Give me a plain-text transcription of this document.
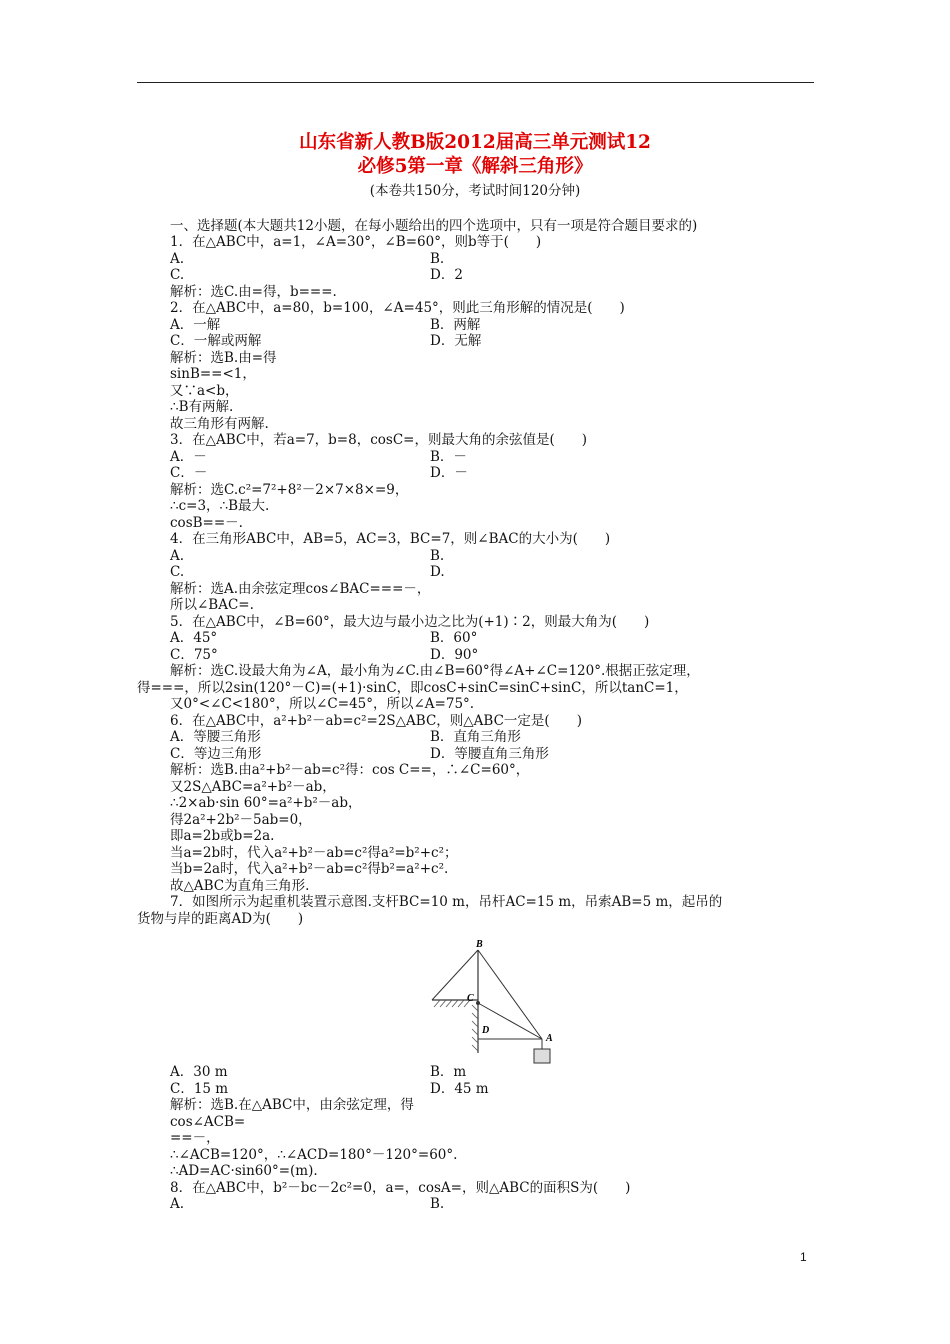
山东省新人教B版2012届高三单元测试12
必修5第一章《解斜三角形》
(本卷共150分，考试时间120分钟)
一、选择题(本大题共12小题，在每小题给出的四个选项中，只有一项是符合题目要求的)
1．在△ABC中，a=1，∠A=30°，∠B=60°，则b等于(　　)
A.
C.
解析：选C.由=得，b===.
2．在△ABC中，a=80，b=100，∠A=45°，则此三角形解的情况是(　　)
A．一解
C．一解或两解
解析：选B.由=得
sinB==<1，
又∵a<b，
∴B有两解.
故三角形有两解.
3．在△ABC中，若a=7，b=8，cosC=，则最大角的余弦值是(　　)
A．－
C．－
解析：选C.c²=7²+8²－2×7×8×=9，
∴c=3，∴B最大.
cosB==－.
4．在三角形ABC中，AB=5，AC=3，BC=7，则∠BAC的大小为(　　)
A.
C.
解析：选A.由余弦定理cos∠BAC===－，
所以∠BAC=.
5．在△ABC中，∠B=60°，最大边与最小边之比为(+1)∶2，则最大角为(　　)
A．45°
C．75°
解析：选C.设最大角为∠A，最小角为∠C.由∠B=60°得∠A+∠C=120°.根据正弦定理，
得===，所以2sin(120°－C)=(+1)·sinC，即cosC+sinC=sinC+sinC，所以tanC=1，
又0°<∠C<180°，所以∠C=45°，所以∠A=75°.
6．在△ABC中，a²+b²－ab=c²=2S△ABC，则△ABC一定是(　　)
A．等腰三角形
C．等边三角形
解析：选B.由a²+b²－ab=c²得：cos C==，∴∠C=60°，
又2S△ABC=a²+b²－ab，
∴2×ab·sin 60°=a²+b²－ab，
得2a²+2b²－5ab=0，
即a=2b或b=2a.
当a=2b时，代入a²+b²－ab=c²得a²=b²+c²；
当b=2a时，代入a²+b²－ab=c²得b²=a²+c².
故△ABC为直角三角形.
7．如图所示为起重机装置示意图.支杆BC=10 m，吊杆AC=15 m，吊索AB=5 m，起吊的
货物与岸的距离AD为(　　)
A．30 m
C．15 m
解析：选B.在△ABC中，由余弦定理，得
cos∠ACB=
==－，
∴∠ACB=120°，∴∠ACD=180°－120°=60°.
∴AD=AC·sin60°=(m).
8．在△ABC中，b²－bc－2c²=0，a=，cosA=，则△ABC的面积S为(　　)
A.
B.
D．2
B．两解
D．无解
B．－
D．－
B.
D.
B．60°
D．90°
B．直角三角形
D．等腰直角三角形
B．m
D．45 m
B.
B
C
D
A
1
